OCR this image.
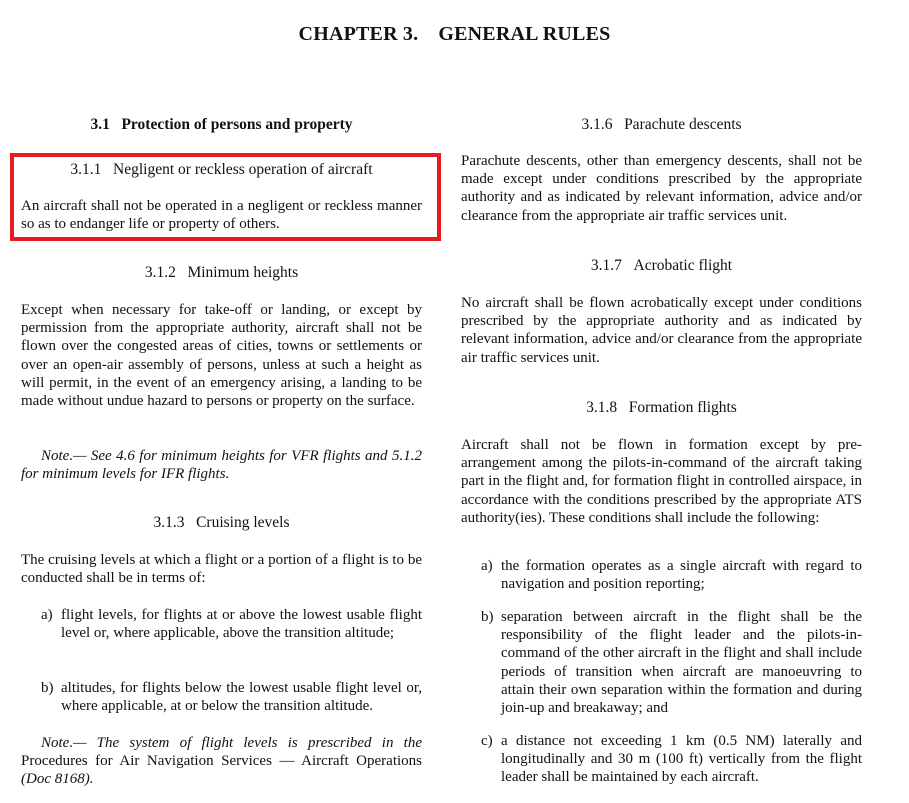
CHAPTER 3. GENERAL RULES
3.1 Protection of persons and property
3.1.1 Negligent or reckless operation of aircraft

An aircraft shall not be operated in a negligent or reckless manner so as to endanger life or property of others.

3.1.2 Minimum heights

Except when necessary for take-off or landing, or except by permission from the appropriate authority, aircraft shall not be flown over the congested areas of cities, towns or settlements or over an open-air assembly of persons, unless at such a height as will permit, in the event of an emergency arising, a landing to be made without undue hazard to persons or property on the surface.

Note.— See 4.6 for minimum heights for VFR flights and 5.1.2 for minimum levels for IFR flights.

3.1.3 Cruising levels

The cruising levels at which a flight or a portion of a flight is to be conducted shall be in terms of:

a) flight levels, for flights at or above the lowest usable flight level or, where applicable, above the transition altitude;
b) altitudes, for flights below the lowest usable flight level or, where applicable, at or below the transition altitude.

Note.— The system of flight levels is prescribed in the Procedures for Air Navigation Services — Aircraft Operations (Doc 8168).

3.1.6 Parachute descents

Parachute descents, other than emergency descents, shall not be made except under conditions prescribed by the appropriate authority and as indicated by relevant information, advice and/or clearance from the appropriate air traffic services unit.

3.1.7 Acrobatic flight

No aircraft shall be flown acrobatically except under conditions prescribed by the appropriate authority and as indicated by relevant information, advice and/or clearance from the appropriate air traffic services unit.

3.1.8 Formation flights

Aircraft shall not be flown in formation except by pre-arrangement among the pilots-in-command of the aircraft taking part in the flight and, for formation flight in controlled airspace, in accordance with the conditions prescribed by the appropriate ATS authority(ies). These conditions shall include the following:

a) the formation operates as a single aircraft with regard to navigation and position reporting;
b) separation between aircraft in the flight shall be the responsibility of the flight leader and the pilots-in-command of the other aircraft in the flight and shall include periods of transition when aircraft are manoeuvring to attain their own separation within the formation and during join-up and breakaway; and
c) a distance not exceeding 1 km (0.5 NM) laterally and longitudinally and 30 m (100 ft) vertically from the flight leader shall be maintained by each aircraft.
